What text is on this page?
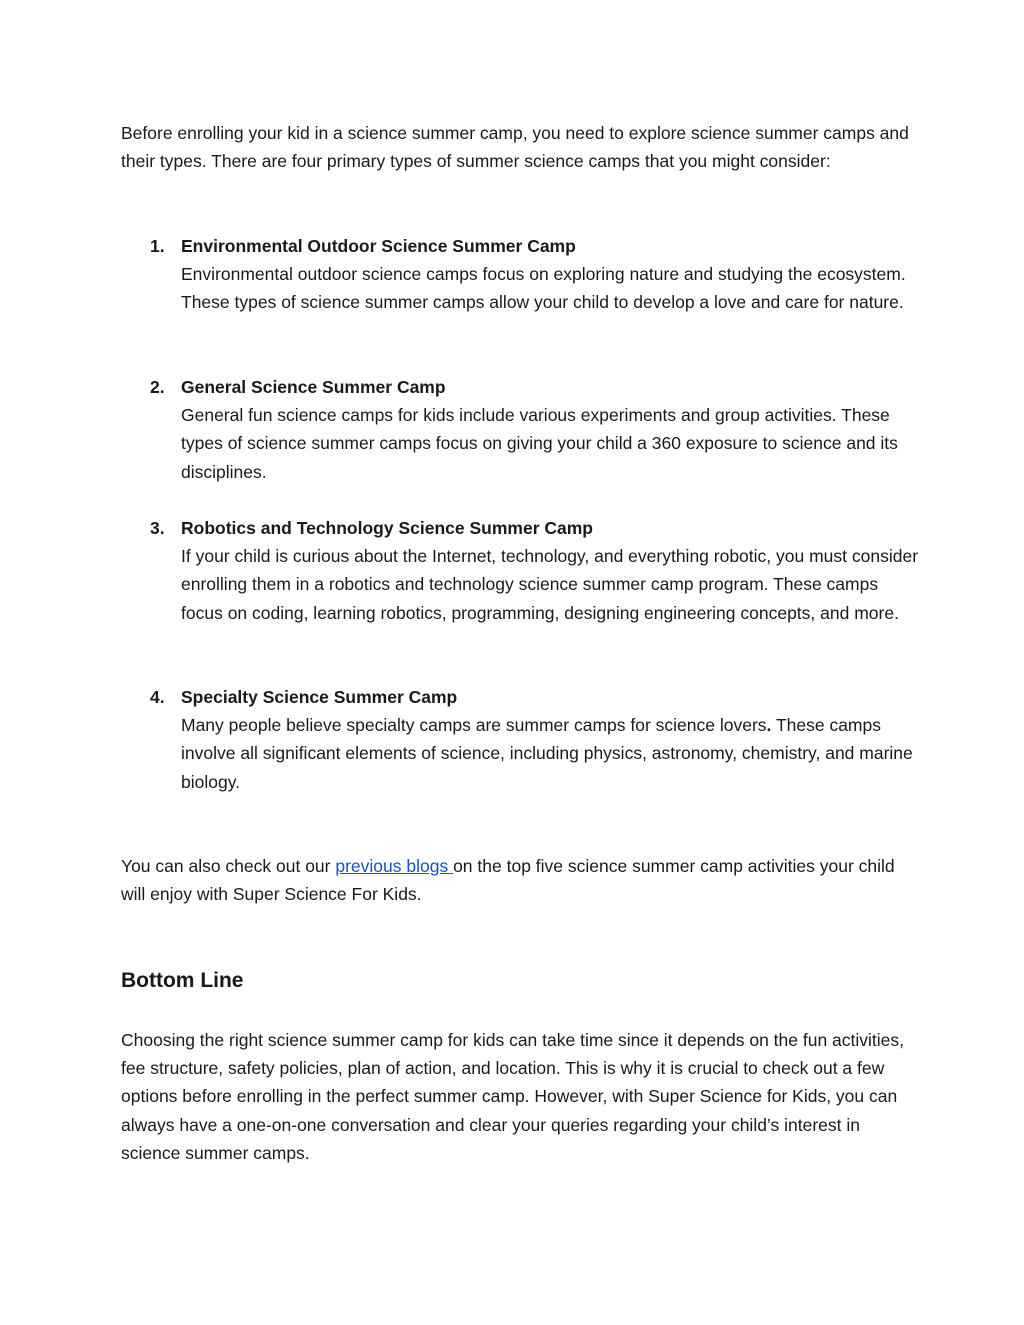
Before enrolling your kid in a science summer camp, you need to explore science summer camps and their types. There are four primary types of summer science camps that you might consider:

1. Environmental Outdoor Science Summer Camp
Environmental outdoor science camps focus on exploring nature and studying the ecosystem. These types of science summer camps allow your child to develop a love and care for nature.
2. General Science Summer Camp
General fun science camps for kids include various experiments and group activities. These types of science summer camps focus on giving your child a 360 exposure to science and its disciplines.
3. Robotics and Technology Science Summer Camp
If your child is curious about the Internet, technology, and everything robotic, you must consider enrolling them in a robotics and technology science summer camp program. These camps focus on coding, learning robotics, programming, designing engineering concepts, and more.
4. Specialty Science Summer Camp
Many people believe specialty camps are summer camps for science lovers. These camps involve all significant elements of science, including physics, astronomy, chemistry, and marine biology.

You can also check out our previous blogs on the top five science summer camp activities your child will enjoy with Super Science For Kids.

Bottom Line

Choosing the right science summer camp for kids can take time since it depends on the fun activities, fee structure, safety policies, plan of action, and location. This is why it is crucial to check out a few options before enrolling in the perfect summer camp. However, with Super Science for Kids, you can always have a one-on-one conversation and clear your queries regarding your child’s interest in science summer camps.
